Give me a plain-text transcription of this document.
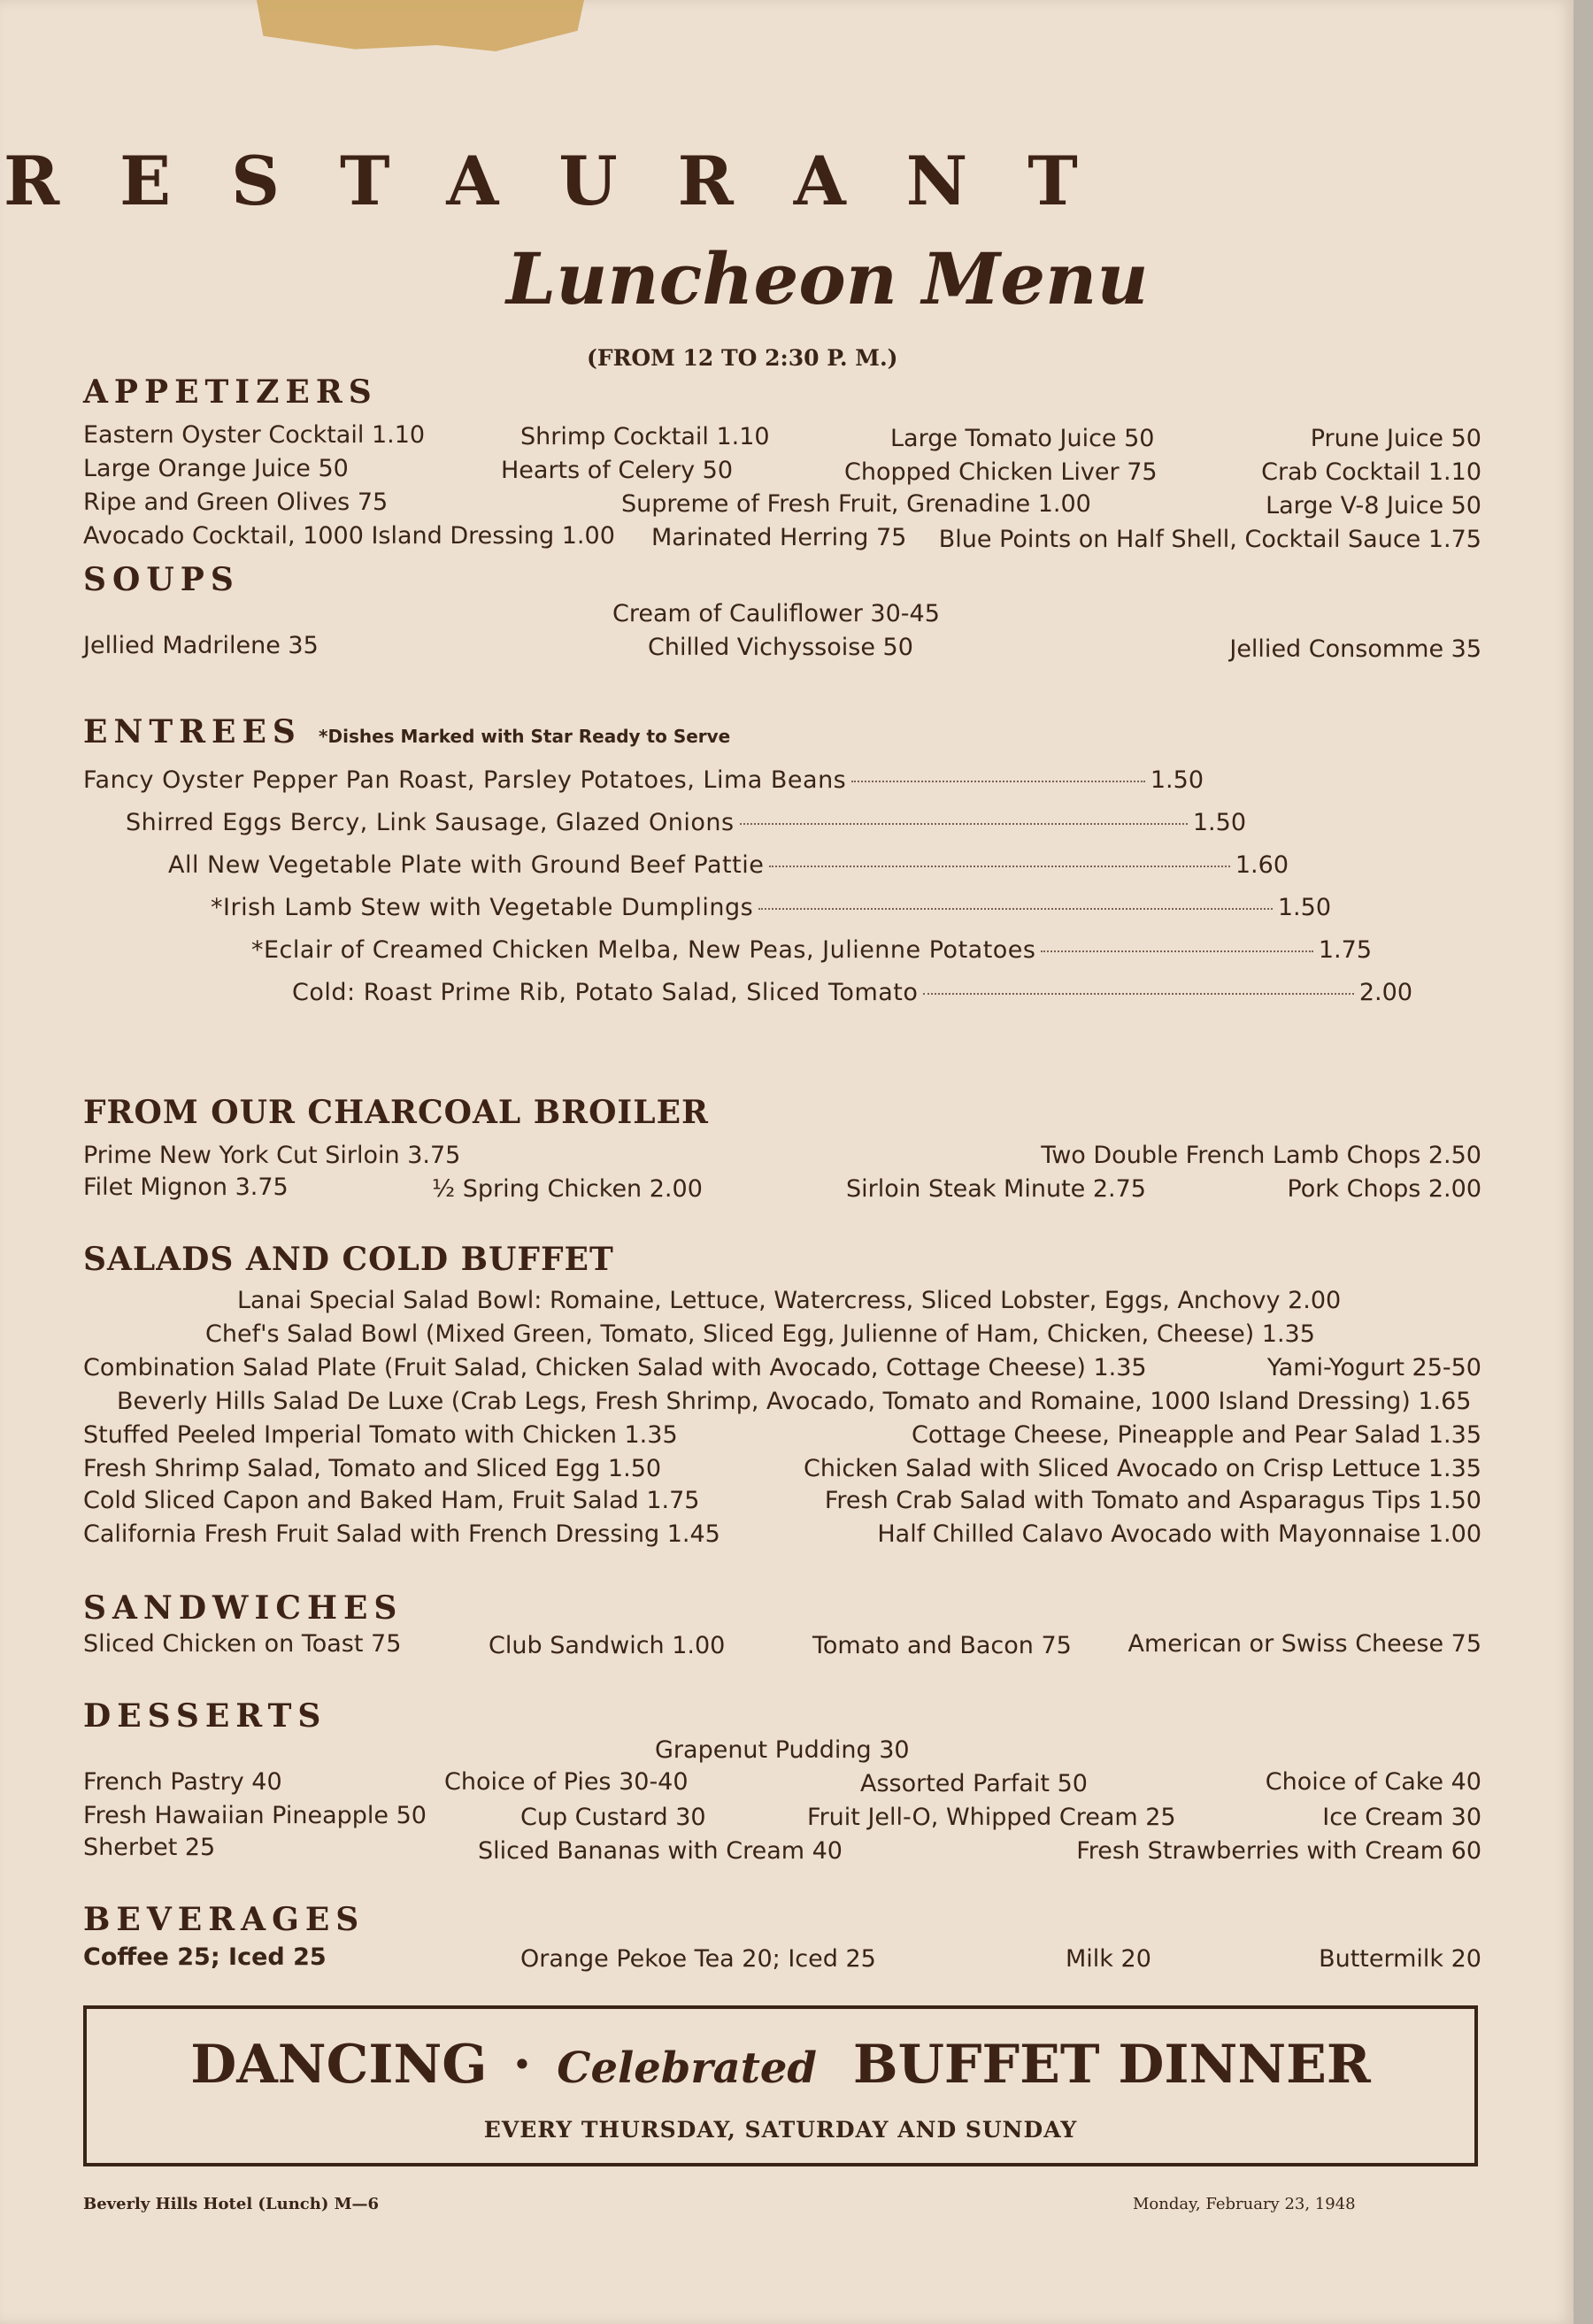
RESTAURANT
Luncheon Menu
(FROM 12 TO 2:30 P. M.)
APPETIZERS
Eastern Oyster Cocktail 1.10	Shrimp Cocktail 1.10	Large Tomato Juice 50	Prune Juice 50
Large Orange Juice 50	Hearts of Celery 50	Chopped Chicken Liver 75	Crab Cocktail 1.10
Ripe and Green Olives 75	Supreme of Fresh Fruit, Grenadine 1.00	Large V-8 Juice 50
Avocado Cocktail, 1000 Island Dressing 1.00 Marinated Herring 75 Blue Points on Half Shell, Cocktail Sauce 1.75
SOUPS
Cream of Cauliflower 30-45
Jellied Madrilene 35	Chilled Vichyssoise 50	Jellied Consomme 35
ENTREES *Dishes Marked with Star Ready to Serve
Fancy Oyster Pepper Pan Roast, Parsley Potatoes, Lima Beans	1.50
Shirred Eggs Bercy, Link Sausage, Glazed Onions	1.50
All New Vegetable Plate with Ground Beef Pattie	1.60
*Irish Lamb Stew with Vegetable Dumplings	1.50
*Eclair of Creamed Chicken Melba, New Peas, Julienne Potatoes	1.75
Cold: Roast Prime Rib, Potato Salad, Sliced Tomato	2.00
FROM OUR CHARCOAL BROILER
Prime New York Cut Sirloin 3.75	Two Double French Lamb Chops 2.50
Filet Mignon 3.75	½ Spring Chicken 2.00	Sirloin Steak Minute 2.75	Pork Chops 2.00
SALADS AND COLD BUFFET
Lanai Special Salad Bowl: Romaine, Lettuce, Watercress, Sliced Lobster, Eggs, Anchovy 2.00
Chef's Salad Bowl (Mixed Green, Tomato, Sliced Egg, Julienne of Ham, Chicken, Cheese) 1.35
Combination Salad Plate (Fruit Salad, Chicken Salad with Avocado, Cottage Cheese) 1.35	Yami-Yogurt 25-50
Beverly Hills Salad De Luxe (Crab Legs, Fresh Shrimp, Avocado, Tomato and Romaine, 1000 Island Dressing) 1.65
Stuffed Peeled Imperial Tomato with Chicken 1.35	Cottage Cheese, Pineapple and Pear Salad 1.35
Fresh Shrimp Salad, Tomato and Sliced Egg 1.50	Chicken Salad with Sliced Avocado on Crisp Lettuce 1.35
Cold Sliced Capon and Baked Ham, Fruit Salad 1.75	Fresh Crab Salad with Tomato and Asparagus Tips 1.50
California Fresh Fruit Salad with French Dressing 1.45	Half Chilled Calavo Avocado with Mayonnaise 1.00
SANDWICHES
Sliced Chicken on Toast 75	Club Sandwich 1.00	Tomato and Bacon 75 American or Swiss Cheese 75
DESSERTS
Grapenut Pudding 30
French Pastry 40	Choice of Pies 30-40	Assorted Parfait 50	Choice of Cake 40
Fresh Hawaiian Pineapple 50	Cup Custard 30	Fruit Jell-O, Whipped Cream 25	Ice Cream 30
Sherbet 25	Sliced Bananas with Cream 40	Fresh Strawberries with Cream 60
BEVERAGES
Coffee 25; Iced 25	Orange Pekoe Tea 20; Iced 25	Milk 20	Buttermilk 20
DANCING · Celebrated BUFFET DINNER
EVERY THURSDAY, SATURDAY AND SUNDAY
Beverly Hills Hotel (Lunch) M—6	Monday, February 23, 1948
